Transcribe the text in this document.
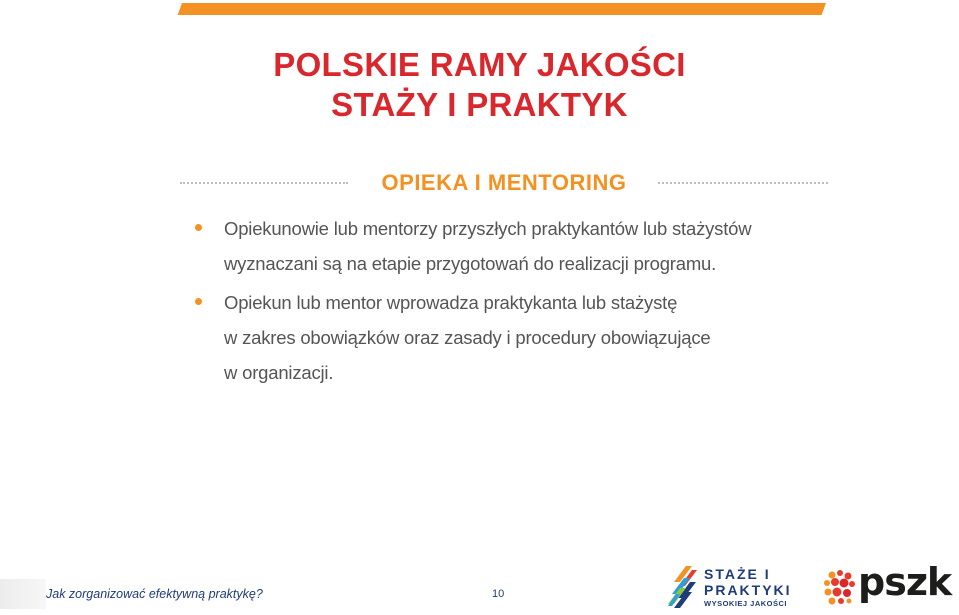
POLSKIE RAMY JAKOŚCI
STAŻY I PRAKTYK
OPIEKA I MENTORING
Opiekunowie lub mentorzy przyszłych praktykantów lub stażystów
wyznaczani są na etapie przygotowań do realizacji programu.
Opiekun lub mentor wprowadza praktykanta lub stażystę
w zakres obowiązków oraz zasady i procedury obowiązujące
w organizacji.
Jak zorganizować efektywną praktykę?	10
STAŻE I
PRAKTYKI
WYSOKIEJ JAKOŚCI pszk
